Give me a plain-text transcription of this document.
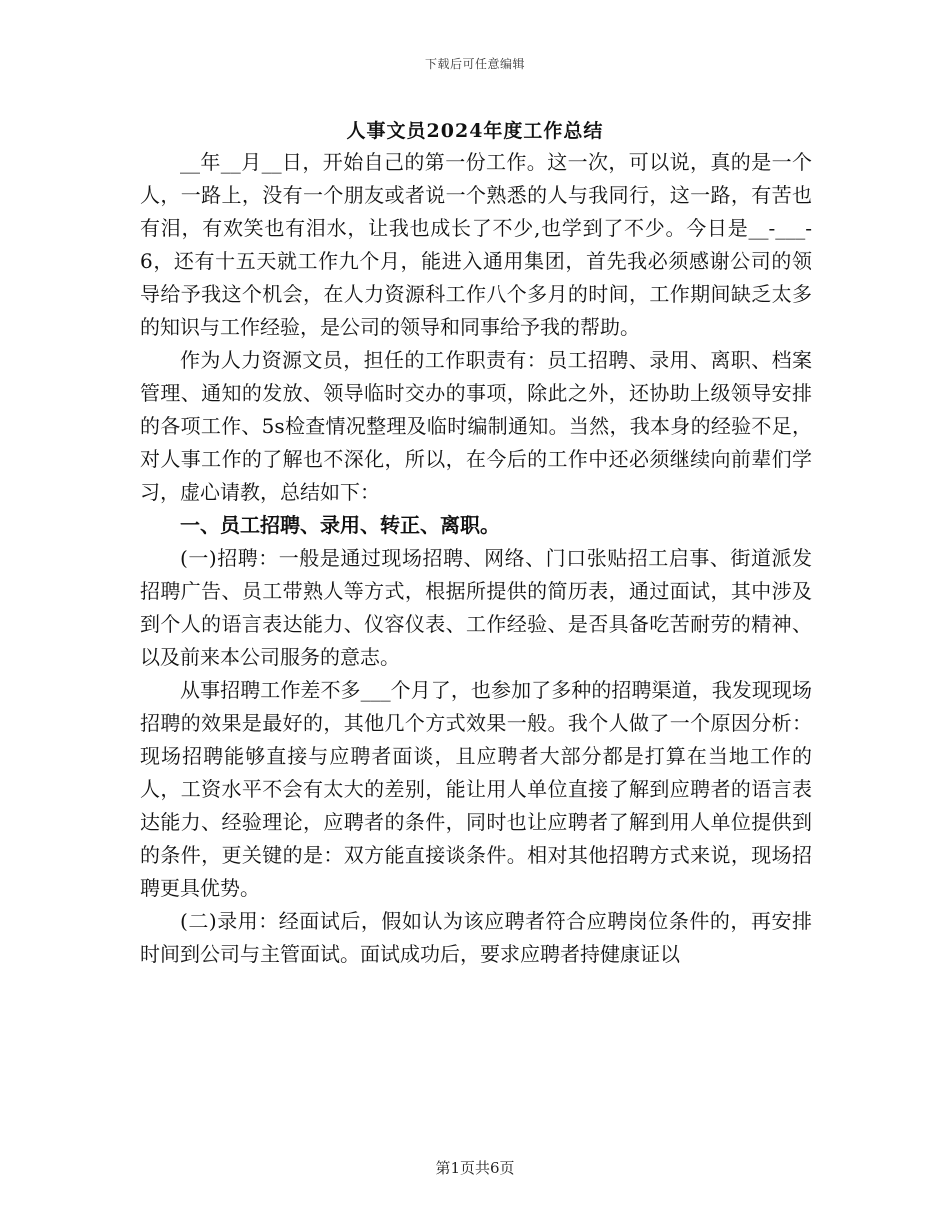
下载后可任意编辑
人事文员2024年度工作总结

__年__月__日，开始自己的第一份工作。这一次，可以说，真的是一个人，一路上，没有一个朋友或者说一个熟悉的人与我同行，这一路，有苦也有泪，有欢笑也有泪水，让我也成长了不少,也学到了不少。今日是__-___-6，还有十五天就工作九个月，能进入通用集团，首先我必须感谢公司的领导给予我这个机会，在人力资源科工作八个多月的时间，工作期间缺乏太多的知识与工作经验，是公司的领导和同事给予我的帮助。

作为人力资源文员，担任的工作职责有：员工招聘、录用、离职、档案管理、通知的发放、领导临时交办的事项，除此之外，还协助上级领导安排的各项工作、5s检查情况整理及临时编制通知。当然，我本身的经验不足，对人事工作的了解也不深化，所以，在今后的工作中还必须继续向前辈们学习，虚心请教，总结如下：

一、员工招聘、录用、转正、离职。

(一)招聘：一般是通过现场招聘、网络、门口张贴招工启事、街道派发招聘广告、员工带熟人等方式，根据所提供的简历表，通过面试，其中涉及到个人的语言表达能力、仪容仪表、工作经验、是否具备吃苦耐劳的精神、以及前来本公司服务的意志。

从事招聘工作差不多___个月了，也参加了多种的招聘渠道，我发现现场招聘的效果是最好的，其他几个方式效果一般。我个人做了一个原因分析：现场招聘能够直接与应聘者面谈，且应聘者大部分都是打算在当地工作的人，工资水平不会有太大的差别，能让用人单位直接了解到应聘者的语言表达能力、经验理论，应聘者的条件，同时也让应聘者了解到用人单位提供到的条件，更关键的是：双方能直接谈条件。相对其他招聘方式来说，现场招聘更具优势。

(二)录用：经面试后，假如认为该应聘者符合应聘岗位条件的，再安排时间到公司与主管面试。面试成功后，要求应聘者持健康证以

第1页共6页
